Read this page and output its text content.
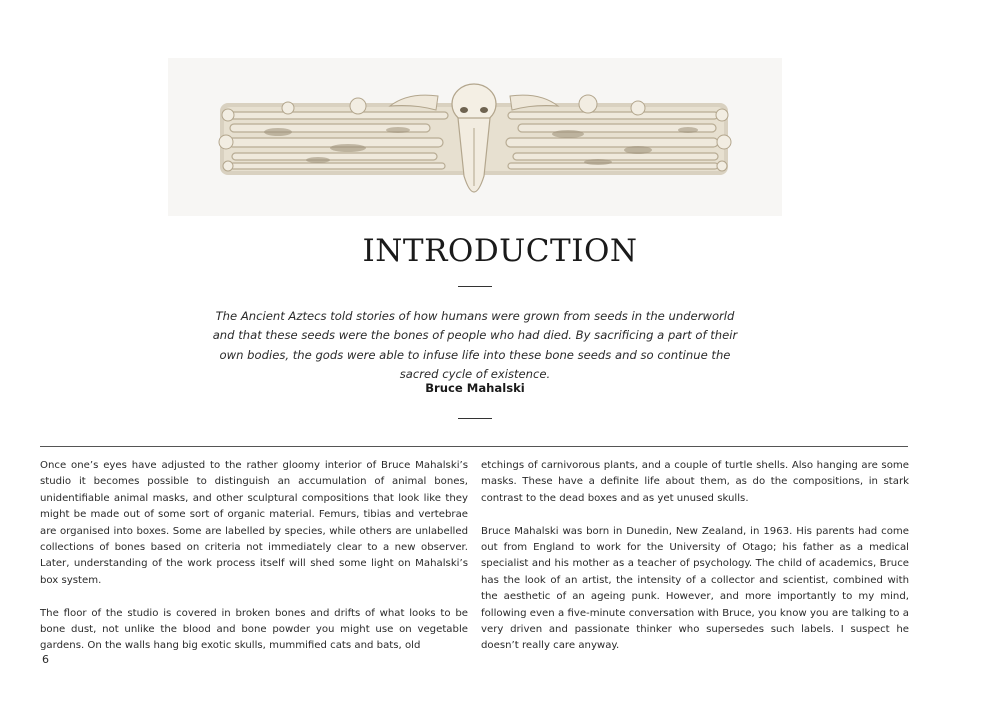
INTRODUCTION

The Ancient Aztecs told stories of how humans were grown from seeds in the underworld and that these seeds were the bones of people who had died. By sacrificing a part of their own bodies, the gods were able to infuse life into these bone seeds and so continue the sacred cycle of existence.

Bruce Mahalski

Once one’s eyes have adjusted to the rather gloomy interior of Bruce Mahalski’s studio it becomes possible to distinguish an accumulation of animal bones, unidentifiable animal masks, and other sculptural compositions that look like they might be made out of some sort of organic material. Femurs, tibias and vertebrae are organised into boxes. Some are labelled by species, while others are unlabelled collections of bones based on criteria not immediately clear to a new observer. Later, understanding of the work process itself will shed some light on Mahalski’s box system.

The floor of the studio is covered in broken bones and drifts of what looks to be bone dust, not unlike the blood and bone powder you might use on vegetable gardens. On the walls hang big exotic skulls, mummified cats and bats, old

etchings of carnivorous plants, and a couple of turtle shells. Also hanging are some masks. These have a definite life about them, as do the compositions, in stark contrast to the dead boxes and as yet unused skulls.

Bruce Mahalski was born in Dunedin, New Zealand, in 1963. His parents had come out from England to work for the University of Otago; his father as a medical specialist and his mother as a teacher of psychology. The child of academics, Bruce has the look of an artist, the intensity of a collector and scientist, combined with the aesthetic of an ageing punk. However, and more importantly to my mind, following even a five-minute conversation with Bruce, you know you are talking to a very driven and passionate thinker who supersedes such labels. I suspect he doesn’t really care anyway.

6
